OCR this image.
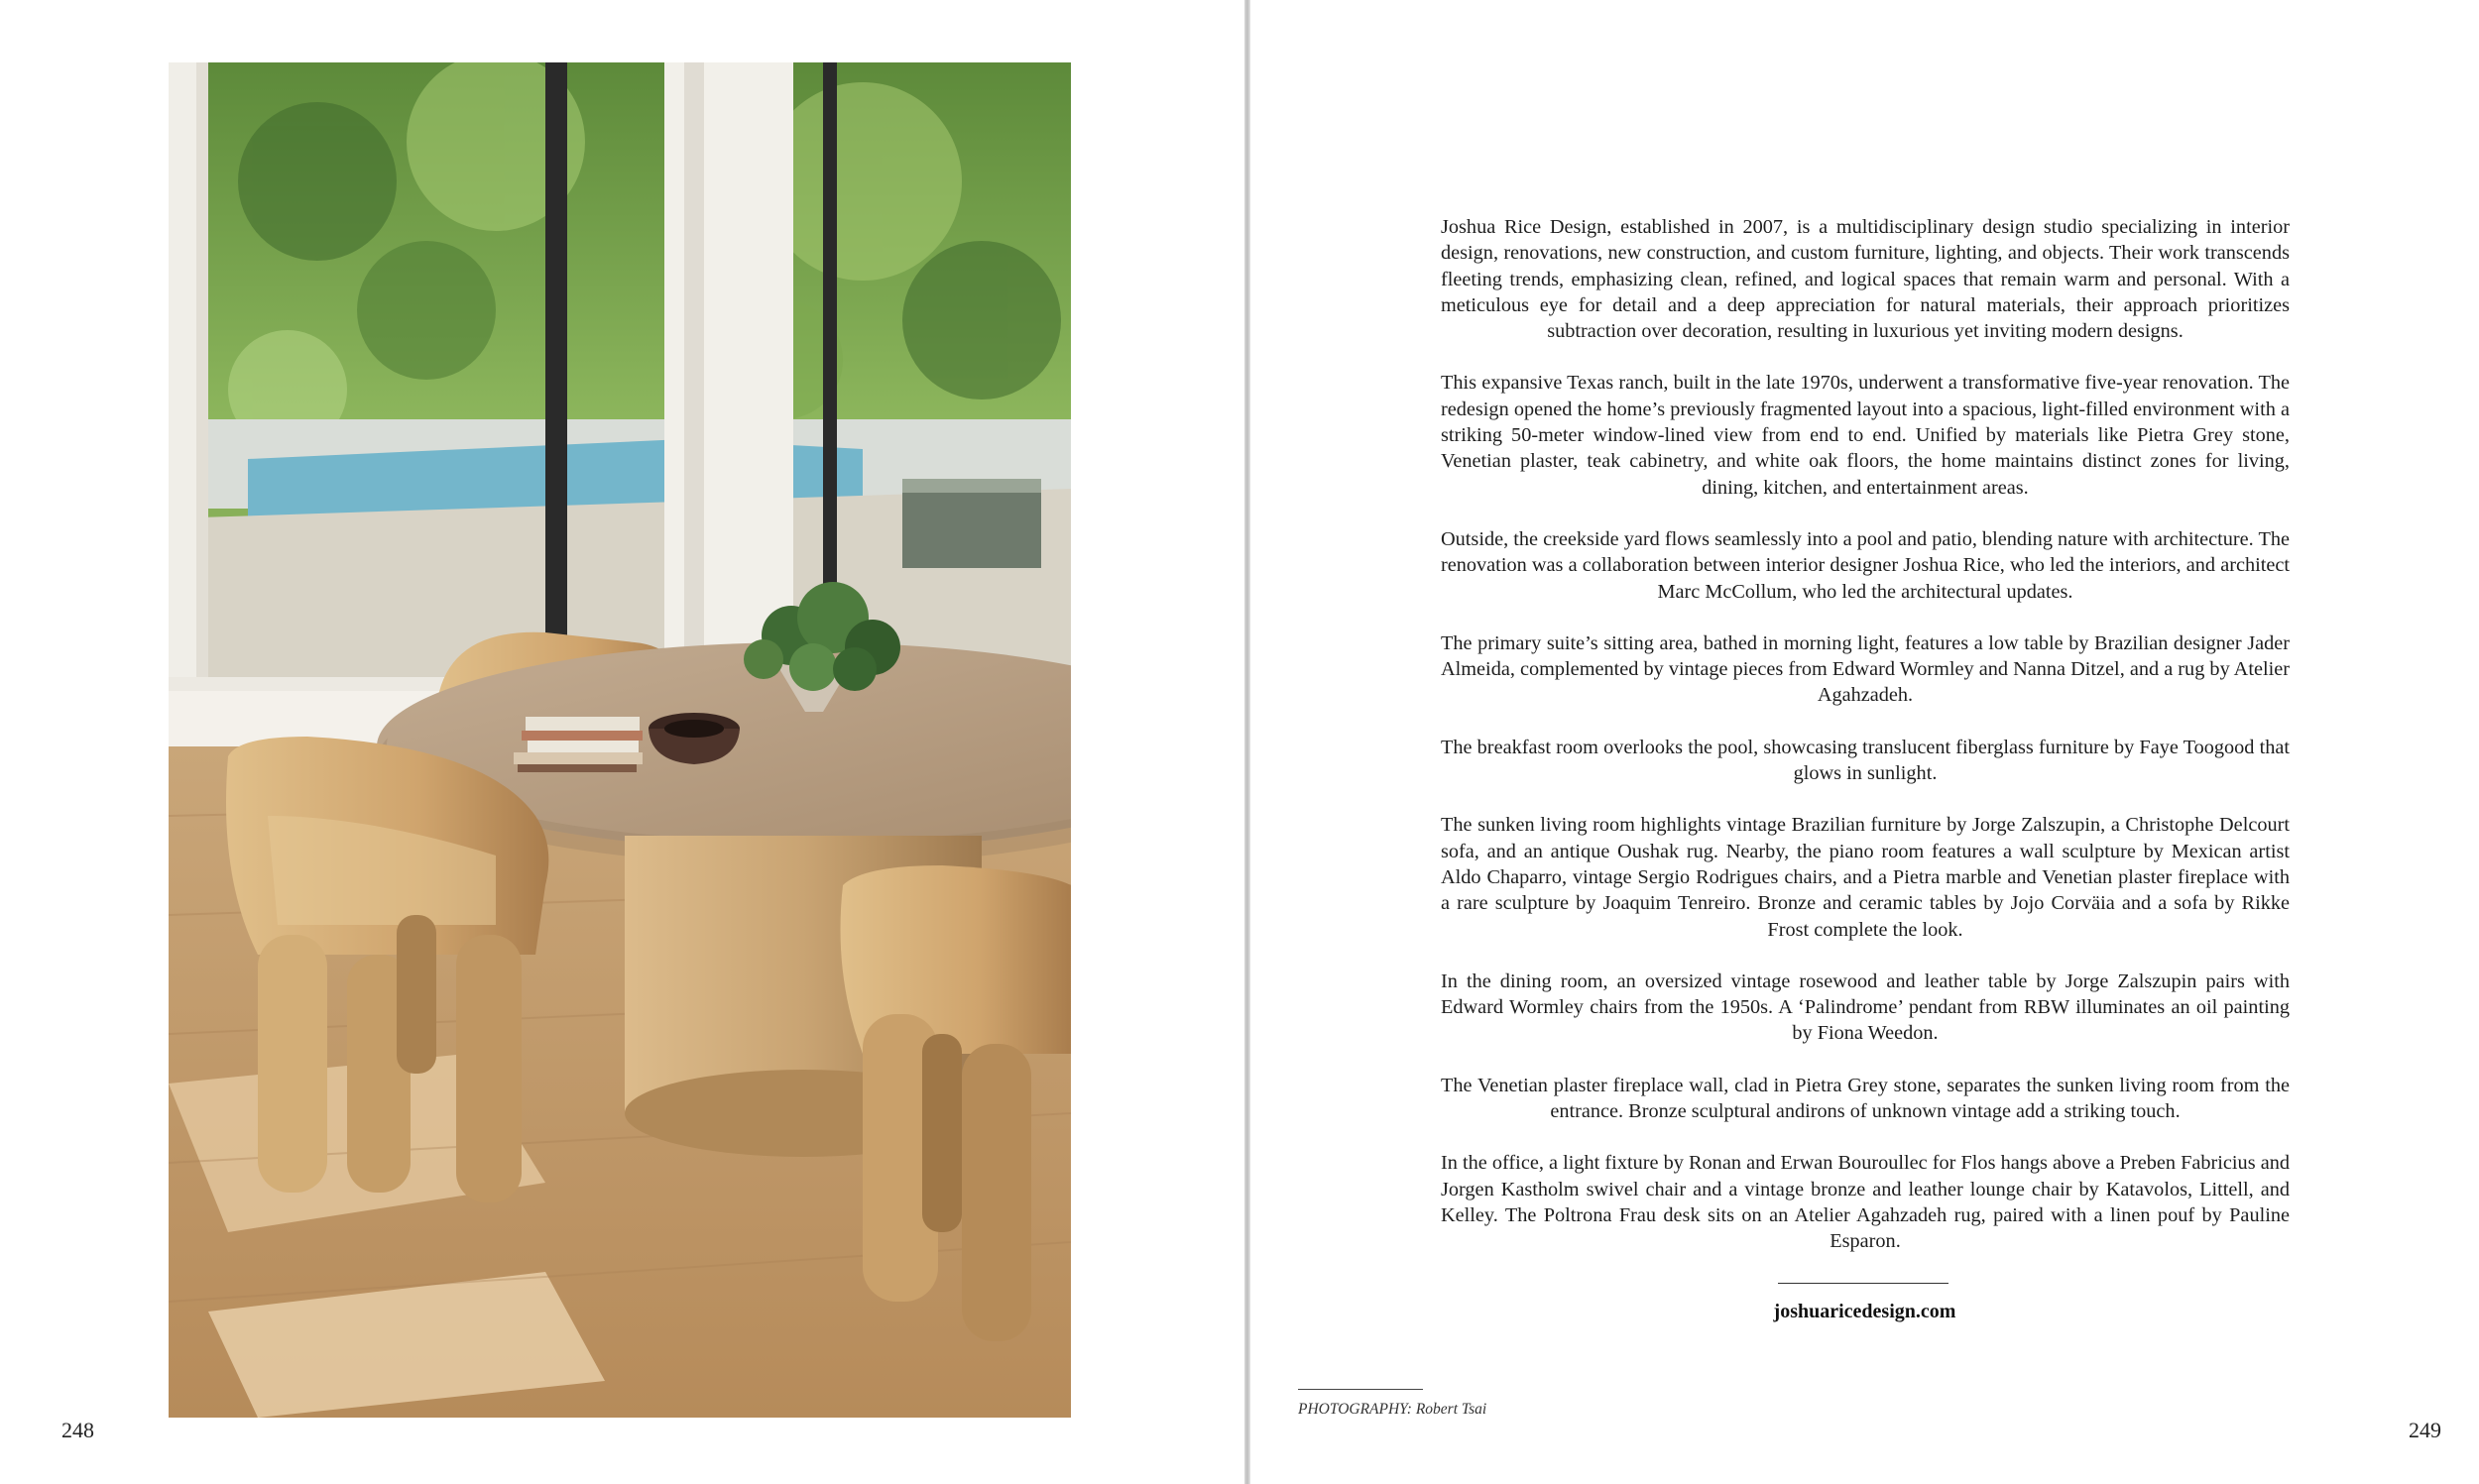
248

Joshua Rice Design, established in 2007, is a multidisciplinary design studio specializing in interior design, renovations, new construction, and custom furniture, lighting, and objects. Their work transcends fleeting trends, emphasizing clean, refined, and logical spaces that remain warm and personal. With a meticulous eye for detail and a deep appreciation for natural materials, their approach prioritizes subtraction over decoration, resulting in luxurious yet inviting modern designs.

This expansive Texas ranch, built in the late 1970s, underwent a transformative five-year renovation. The redesign opened the home’s previously fragmented layout into a spacious, light-filled environment with a striking 50-meter window-lined view from end to end. Unified by materials like Pietra Grey stone, Venetian plaster, teak cabinetry, and white oak floors, the home maintains distinct zones for living, dining, kitchen, and entertainment areas.

Outside, the creekside yard flows seamlessly into a pool and patio, blending nature with architecture. The renovation was a collaboration between interior designer Joshua Rice, who led the interiors, and architect Marc McCollum, who led the architectural updates.

The primary suite’s sitting area, bathed in morning light, features a low table by Brazilian designer Jader Almeida, complemented by vintage pieces from Edward Wormley and Nanna Ditzel, and a rug by Atelier Agahzadeh.

The breakfast room overlooks the pool, showcasing translucent fiberglass furniture by Faye Toogood that glows in sunlight.

The sunken living room highlights vintage Brazilian furniture by Jorge Zalszupin, a Christophe Delcourt sofa, and an antique Oushak rug. Nearby, the piano room features a wall sculpture by Mexican artist Aldo Chaparro, vintage Sergio Rodrigues chairs, and a Pietra marble and Venetian plaster fireplace with a rare sculpture by Joaquim Tenreiro. Bronze and ceramic tables by Jojo Corväia and a sofa by Rikke Frost complete the look.

In the dining room, an oversized vintage rosewood and leather table by Jorge Zalszupin pairs with Edward Wormley chairs from the 1950s. A ‘Palindrome’ pendant from RBW illuminates an oil painting by Fiona Weedon.

The Venetian plaster fireplace wall, clad in Pietra Grey stone, separates the sunken living room from the entrance. Bronze sculptural andirons of unknown vintage add a striking touch.

In the office, a light fixture by Ronan and Erwan Bouroullec for Flos hangs above a Preben Fabricius and Jorgen Kastholm swivel chair and a vintage bronze and leather lounge chair by Katavolos, Littell, and Kelley. The Poltrona Frau desk sits on an Atelier Agahzadeh rug, paired with a linen pouf by Pauline Esparon.

joshuaricedesign.com
PHOTOGRAPHY: Robert Tsai
249
